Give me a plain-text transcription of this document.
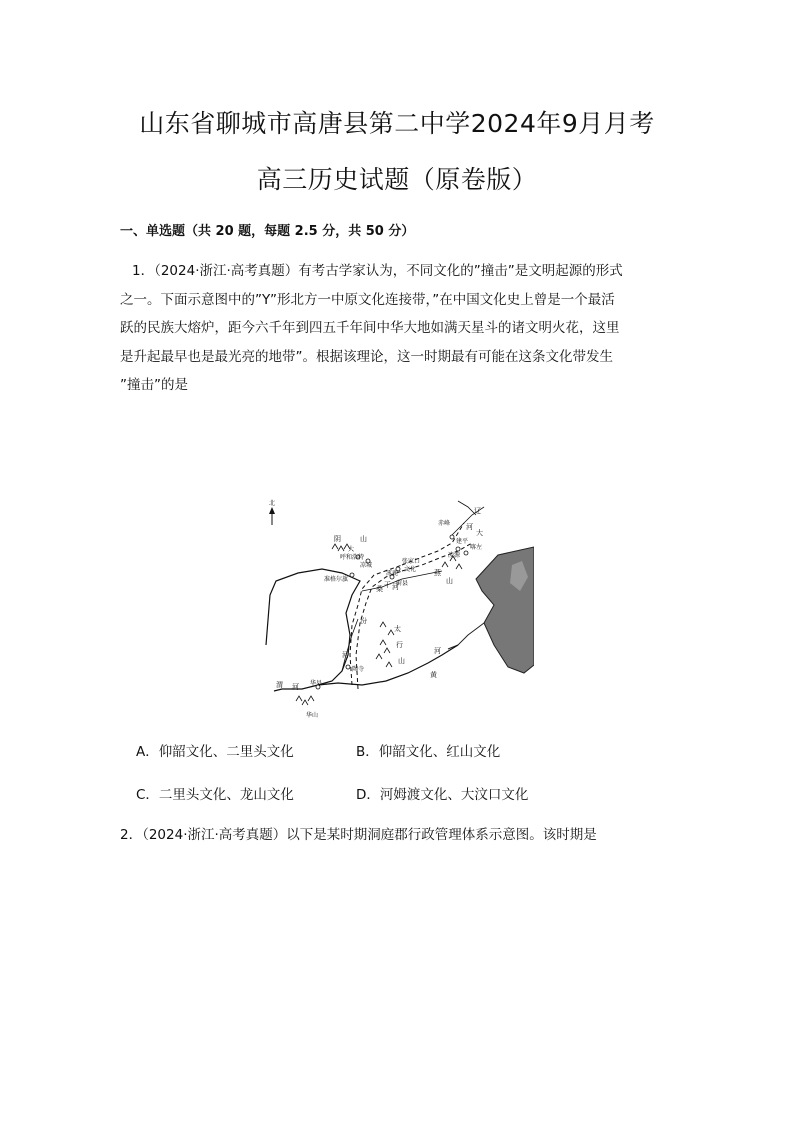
山东省聊城市高唐县第二中学2024年9月月考
高三历史试题（原卷版）
一、单选题（共 20 题，每题 2.5 分，共 50 分）
1．（2024·浙江·高考真题）有考古学家认为，不同文化的”撞击”是文明起源的形式
之一。下面示意图中的”Y”形北方一中原文化连接带，”在中国文化史上曾是一个最活
跃的民族大熔炉，距今六千年到四五千年间中华大地如满天星斗的诸文明火花，这里
是升起最早也是最光亮的地带”。根据该理论，这一时期最有可能在这条文化带发生
”撞击”的是
北
阴	山
大
呼和浩特
凉城
准格尔旗
张家口
文化
涿鹿
蔚县
桑 干 河
赤峰
辽
河
大
建平
凌源
喀左
燕
山
汾
河
陶寺
太
行
山
黄
河
渭 河 华县
华山
A．仰韶文化、二里头文化	B．仰韶文化、红山文化
C．二里头文化、龙山文化	D．河姆渡文化、大汶口文化
2．（2024·浙江·高考真题）以下是某时期洞庭郡行政管理体系示意图。该时期是
